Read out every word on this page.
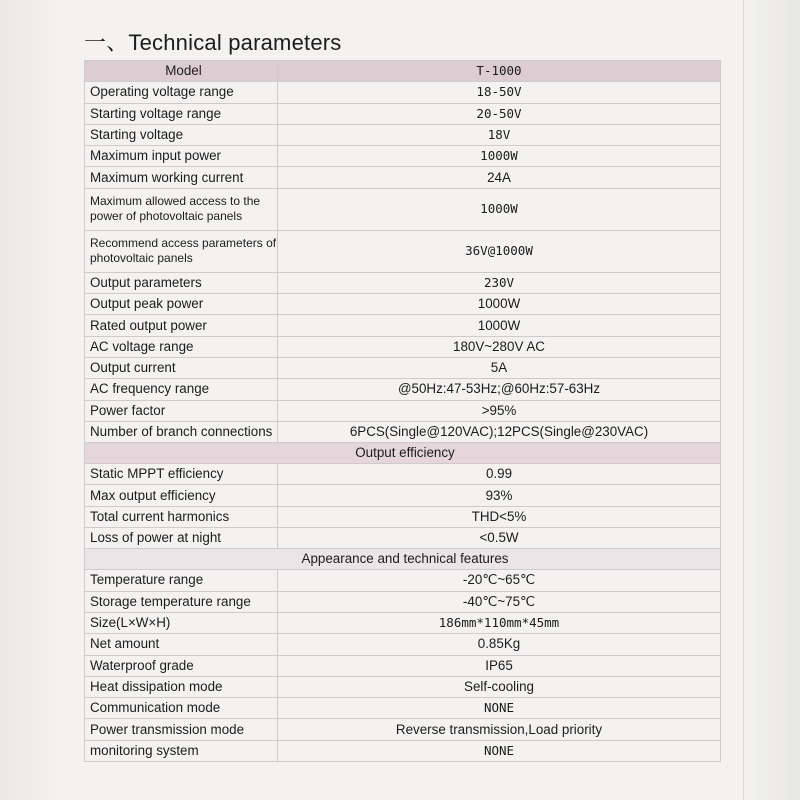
一、Technical parameters
Model	T-1000
Operating voltage range	18-50V
Starting voltage range	20-50V
Starting voltage	18V
Maximum input power	1000W
Maximum working current	24A
Maximum allowed access to the power of photovoltaic panels	1000W
Recommend access parameters of photovoltaic panels	36V@1000W
Output parameters	230V
Output peak power	1000W
Rated output power	1000W
AC voltage range	180V~280V AC
Output current	5A
AC frequency range	@50Hz:47-53Hz;@60Hz:57-63Hz
Power factor	>95%
Number of branch connections	6PCS(Single@120VAC);12PCS(Single@230VAC)
Output efficiency	
Static MPPT efficiency	0.99
Max output efficiency	93%
Total current harmonics	THD<5%
Loss of power at night	<0.5W
Appearance and technical features	
Temperature range	-20℃~65℃
Storage temperature range	-40℃~75℃
Size(L×W×H)	186mm*110mm*45mm
Net amount	0.85Kg
Waterproof grade	IP65
Heat dissipation mode	Self-cooling
Communication mode	NONE
Power transmission mode	Reverse transmission,Load priority
monitoring system	NONE
